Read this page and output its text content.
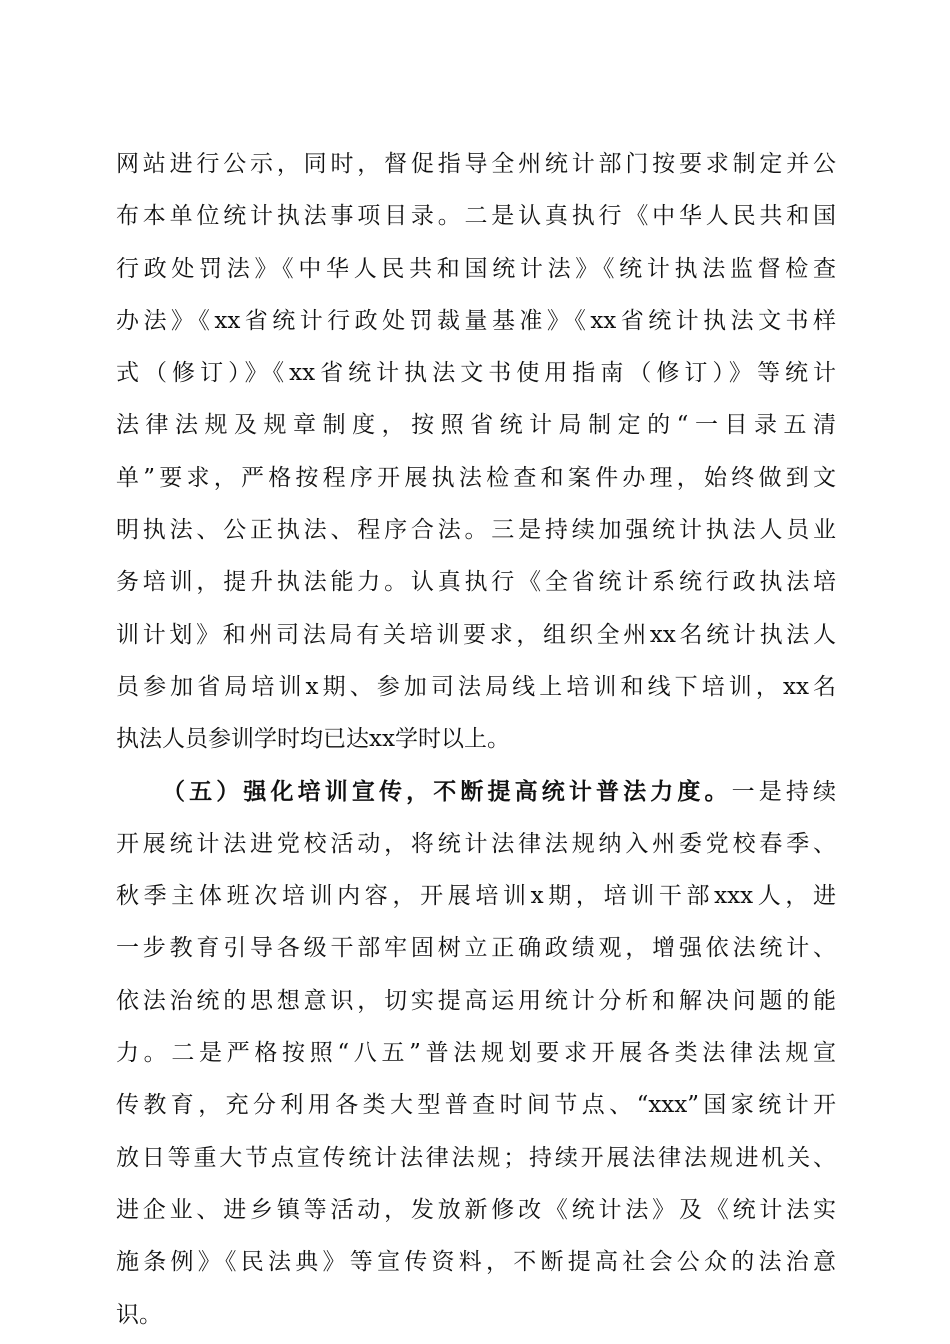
网站进行公示，同时，督促指导全州统计部门按要求制定并公
布本单位统计执法事项目录。二是认真执行《中华人民共和国
行政处罚法》《中华人民共和国统计法》《统计执法监督检查
办法》《xx省统计行政处罚裁量基准》《xx省统计执法文书样
式（修订）》《xx省统计执法文书使用指南（修订）》等统计
法律法规及规章制度，按照省统计局制定的“一目录五清
单”要求，严格按程序开展执法检查和案件办理，始终做到文
明执法、公正执法、程序合法。三是持续加强统计执法人员业
务培训，提升执法能力。认真执行《全省统计系统行政执法培
训计划》和州司法局有关培训要求，组织全州xx名统计执法人
员参加省局培训x期、参加司法局线上培训和线下培训，xx名
执法人员参训学时均已达xx学时以上。
（五）强化培训宣传，不断提高统计普法力度。一是持续
开展统计法进党校活动，将统计法律法规纳入州委党校春季、
秋季主体班次培训内容，开展培训x期，培训干部xxx人，进
一步教育引导各级干部牢固树立正确政绩观，增强依法统计、
依法治统的思想意识，切实提高运用统计分析和解决问题的能
力。二是严格按照“八五”普法规划要求开展各类法律法规宣
传教育，充分利用各类大型普查时间节点、“xxx”国家统计开
放日等重大节点宣传统计法律法规；持续开展法律法规进机关、
进企业、进乡镇等活动，发放新修改《统计法》及《统计法实
施条例》《民法典》等宣传资料，不断提高社会公众的法治意
识。
